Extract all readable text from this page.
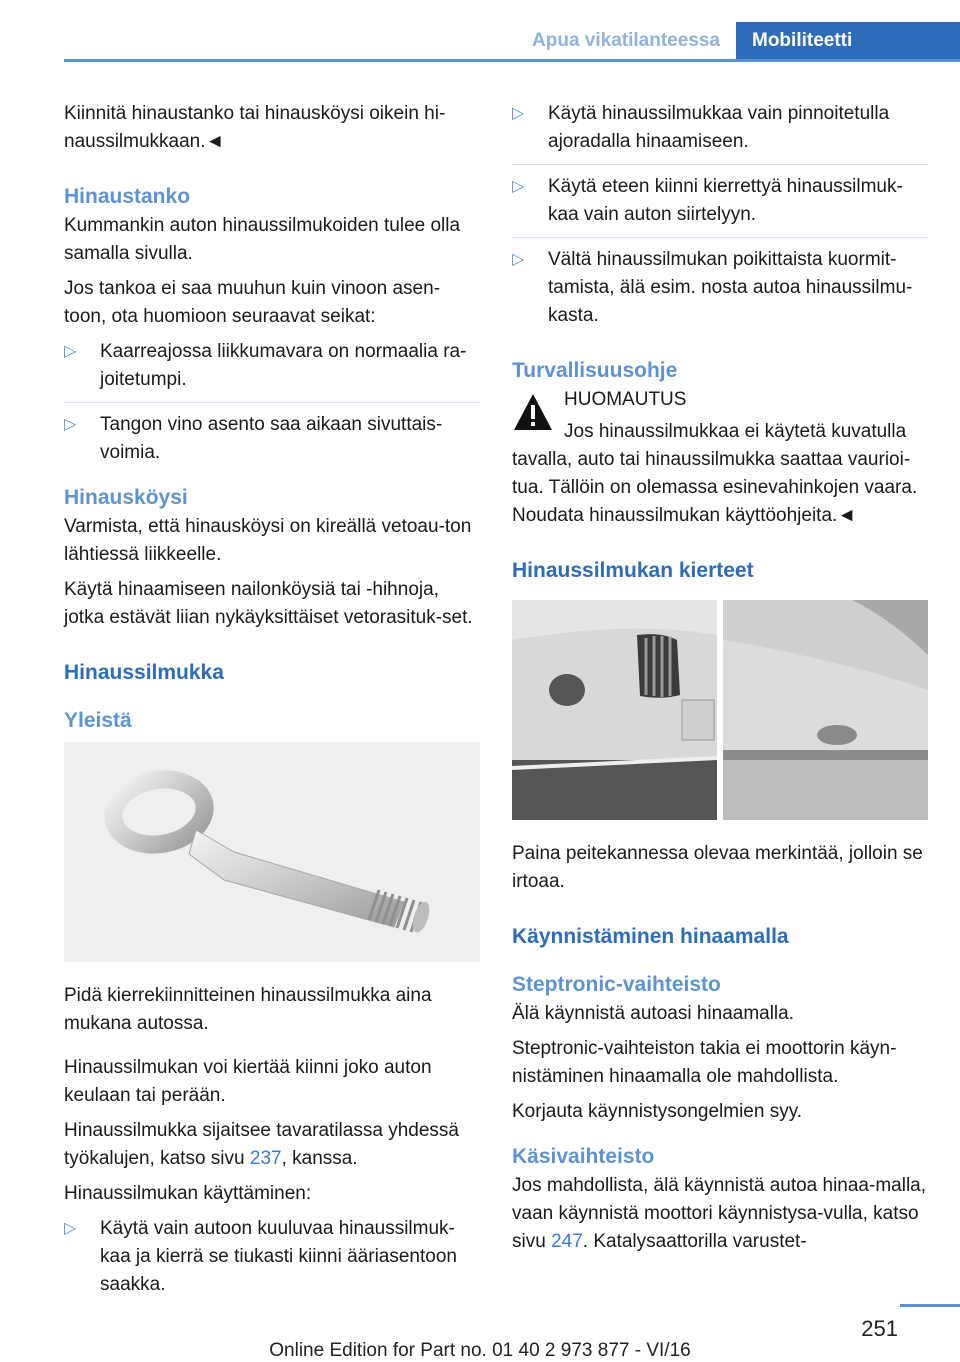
Apua vikatilanteessa	Mobiliteetti

Kiinnitä hinaustanko tai hinausköysi oikein hi‐naussilmukkaan.◄

Hinaustanko

Kummankin auton hinaussilmukoiden tulee olla samalla sivulla.

Jos tankoa ei saa muuhun kuin vinoon asen‐toon, ota huomioon seuraavat seikat:

▷ Kaarreajossa liikkumavara on normaalia ra‐joitetumpi.
▷ Tangon vino asento saa aikaan sivuttais‐voimia.
Hinausköysi

Varmista, että hinausköysi on kireällä vetoau‐ton lähtiessä liikkeelle.

Käytä hinaamiseen nailonköysiä tai ‑hihnoja, jotka estävät liian nykäyksittäiset vetorasituk‐set.

Hinaussilmukka
Yleistä

Pidä kierrekiinnitteinen hinaussilmukka aina mukana autossa.

Hinaussilmukan voi kiertää kiinni joko auton keulaan tai perään.

Hinaussilmukka sijaitsee tavaratilassa yhdessä työkalujen, katso sivu 237, kanssa.

Hinaussilmukan käyttäminen:

▷ Käytä vain autoon kuuluvaa hinaussilmuk‐kaa ja kierrä se tiukasti kiinni ääriasentoon saakka.
▷ Käytä hinaussilmukkaa vain pinnoitetulla ajoradalla hinaamiseen.
▷ Käytä eteen kiinni kierrettyä hinaussilmuk‐kaa vain auton siirtelyyn.
▷ Vältä hinaussilmukan poikittaista kuormit‐tamista, älä esim. nosta autoa hinaussilmu‐kasta.
Turvallisuusohje

HUOMAUTUS

Jos hinaussilmukkaa ei käytetä kuvatulla tavalla, auto tai hinaussilmukka saattaa vaurioi‐tua. Tällöin on olemassa esinevahinkojen vaara. Noudata hinaussilmukan käyttöohjeita.◄

Hinaussilmukan kierteet

Paina peitekannessa olevaa merkintää, jolloin se irtoaa.

Käynnistäminen hinaamalla
Steptronic-vaihteisto

Älä käynnistä autoasi hinaamalla.

Steptronic-vaihteiston takia ei moottorin käyn‐nistäminen hinaamalla ole mahdollista.

Korjauta käynnistysongelmien syy.

Käsivaihteisto

Jos mahdollista, älä käynnistä autoa hinaa‐malla, vaan käynnistä moottori käynnistysa‐vulla, katso sivu 247. Katalysaattorilla varustet‐

251
Online Edition for Part no. 01 40 2 973 877 - VI/16
